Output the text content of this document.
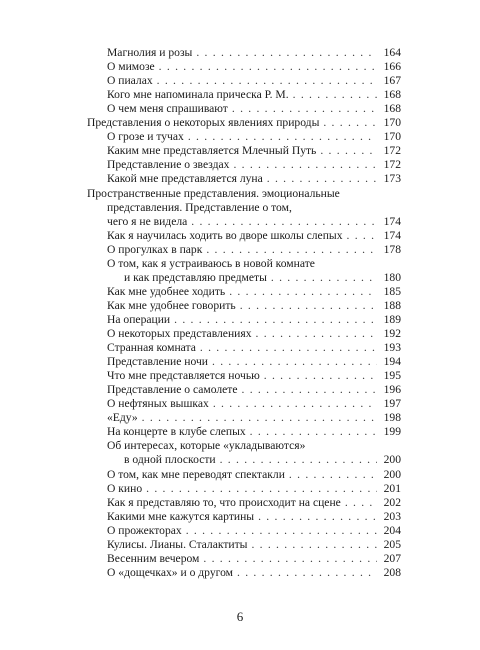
Магнолия и розы . . .	164
О мимозе . . .	166
О пиалах . . .	167
Кого мне напоминала прическа Р. М. . . .	168
О чем меня спрашивают . . .	168
Представления о некоторых явлениях природы . . .	170
О грозе и тучах . . .	170
Каким мне представляется Млечный Путь . . .	172
Представление о звездах . . .	172
Какой мне представляется луна . . .	173
Пространственные представления. эмоциональные
представления. Представление о том,
чего я не видела . . .	174
Как я научилась ходить во дворе школы слепых . . .	174
О прогулках в парк . . .	178
О том, как я устраиваюсь в новой комнате
и как представляю предметы . . .	180
Как мне удобнее ходить . . .	185
Как мне удобнее говорить . . .	188
На операции . . .	189
О некоторых представлениях . . .	192
Странная комната . . .	193
Представление ночи . . .	194
Что мне представляется ночью . . .	195
Представление о самолете . . .	196
О нефтяных вышках . . .	197
«Еду» . . .	198
На концерте в клубе слепых . . .	199
Об интересах, которые «укладываются»
в одной плоскости . . .	200
О том, как мне переводят спектакли . . .	200
О кино . . .	201
Как я представляю то, что происходит на сцене . . .	202
Какими мне кажутся картины . . .	203
О прожекторах . . .	204
Кулисы. Лианы. Сталактиты . . .	205
Весенним вечером . . .	207
О «дощечках» и о другом . . .	208
6
